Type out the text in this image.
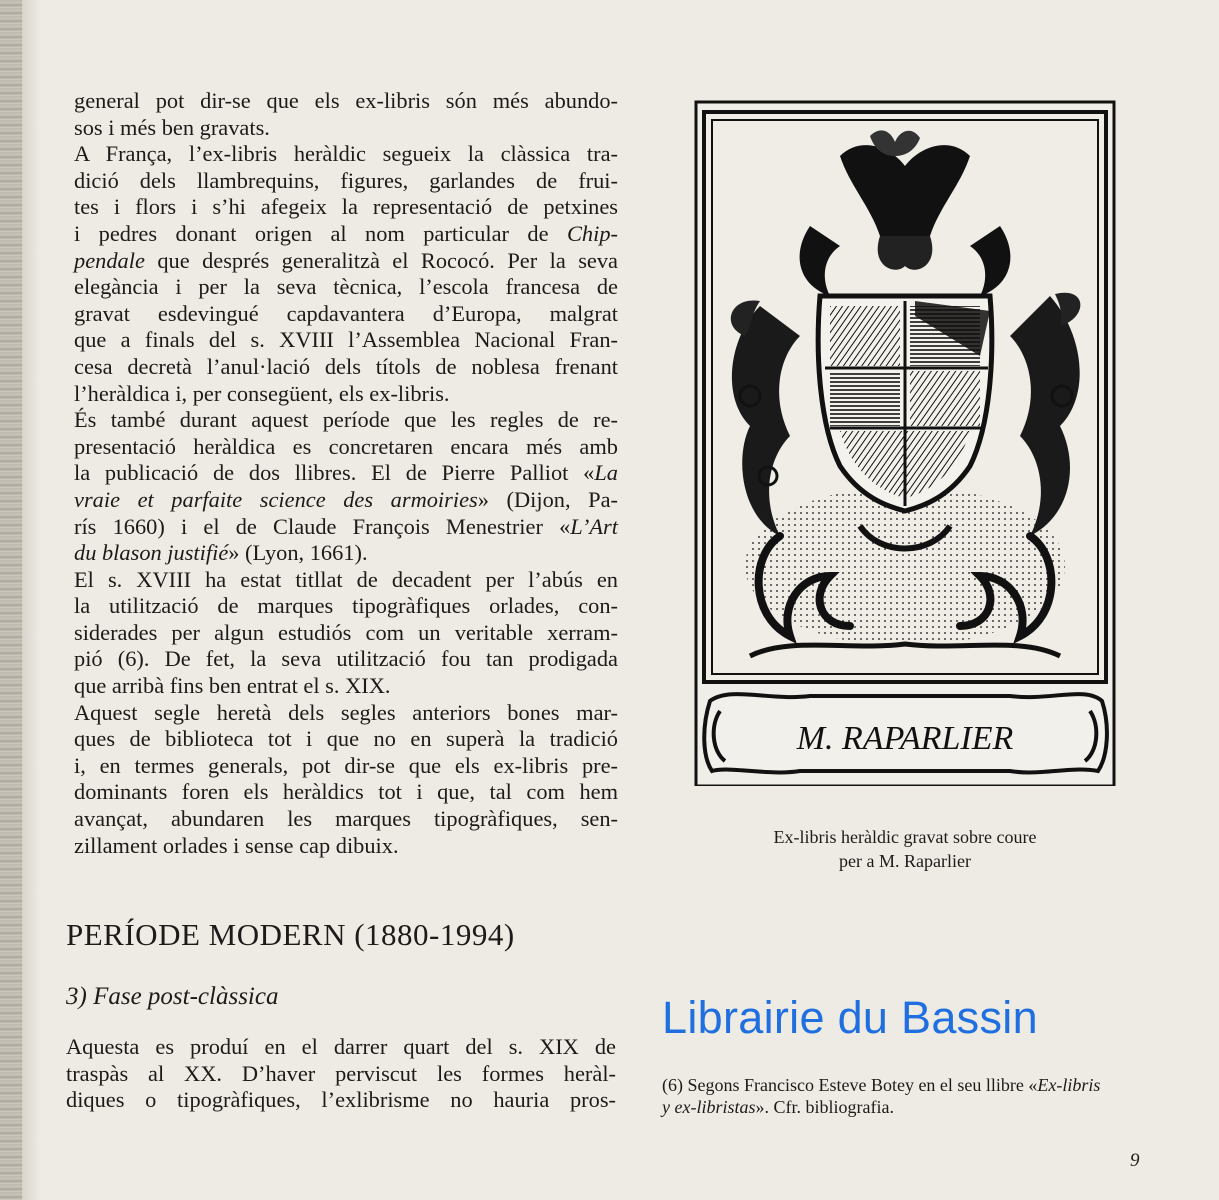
general pot dir-se que els ex-libris són més abundo-

sos i més ben gravats.

A França, l’ex-libris heràldic segueix la clàssica tra-

dició dels llambrequins, figures, garlandes de frui-

tes i flors i s’hi afegeix la representació de petxines

i pedres donant origen al nom particular de Chip-

pendale que després generalitzà el Rococó. Per la seva

elegància i per la seva tècnica, l’escola francesa de

gravat esdevingué capdavantera d’Europa, malgrat

que a finals del s. XVIII l’Assemblea Nacional Fran-

cesa decretà l’anul·lació dels títols de noblesa frenant

l’heràldica i, per consegüent, els ex-libris.

És també durant aquest període que les regles de re-

presentació heràldica es concretaren encara més amb

la publicació de dos llibres. El de Pierre Palliot «La

vraie et parfaite science des armoiries» (Dijon, Pa-

rís 1660) i el de Claude François Menestrier «L’Art

du blason justifié» (Lyon, 1661).

El s. XVIII ha estat titllat de decadent per l’abús en

la utilització de marques tipogràfiques orlades, con-

siderades per algun estudiós com un veritable xerram-

pió (6). De fet, la seva utilització fou tan prodigada

que arribà fins ben entrat el s. XIX.

Aquest segle heretà dels segles anteriors bones mar-

ques de biblioteca tot i que no en superà la tradició

i, en termes generals, pot dir-se que els ex-libris pre-

dominants foren els heràldics tot i que, tal com hem

avançat, abundaren les marques tipogràfiques, sen-

zillament orlades i sense cap dibuix.

PERÍODE MODERN (1880-1994)
3) Fase post-clàssica

Aquesta es produí en el darrer quart del s. XIX de

traspàs al XX. D’haver perviscut les formes heràl-

diques o tipogràfiques, l’exlibrisme no hauria pros-

M. RAPARLIER
Ex-libris heràldic gravat sobre coure
per a M. Raparlier
Librairie du Bassin
(6) Segons Francisco Esteve Botey en el seu llibre «Ex-libris
y ex-libristas». Cfr. bibliografia.
9
